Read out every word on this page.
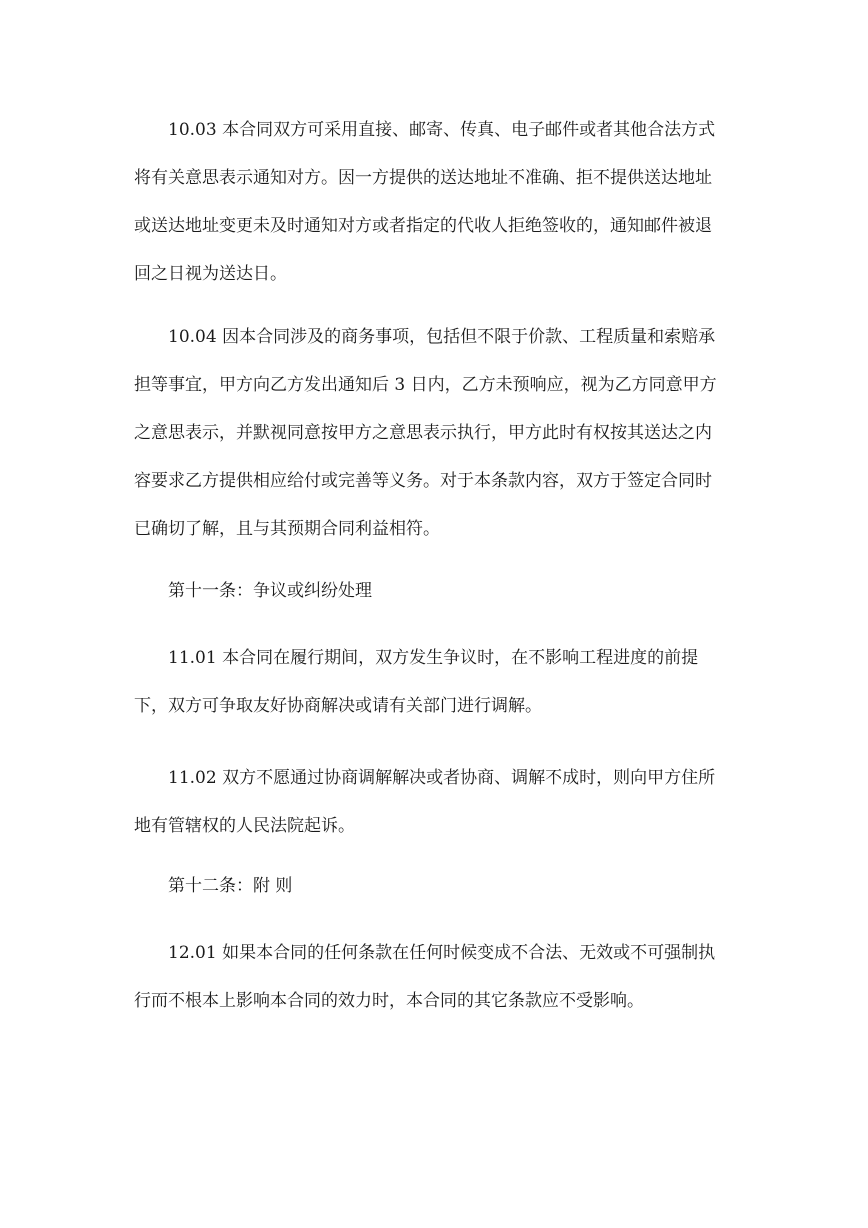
10.03 本合同双方可采用直接、邮寄、传真、电子邮件或者其他合法方式
将有关意思表示通知对方。因一方提供的送达地址不准确、拒不提供送达地址
或送达地址变更未及时通知对方或者指定的代收人拒绝签收的，通知邮件被退
回之日视为送达日。

10.04 因本合同涉及的商务事项，包括但不限于价款、工程质量和索赔承
担等事宜，甲方向乙方发出通知后 3 日内，乙方未预响应，视为乙方同意甲方
之意思表示，并默视同意按甲方之意思表示执行，甲方此时有权按其送达之内
容要求乙方提供相应给付或完善等义务。对于本条款内容，双方于签定合同时
已确切了解，且与其预期合同利益相符。

第十一条：争议或纠纷处理

11.01 本合同在履行期间，双方发生争议时，在不影响工程进度的前提
下，双方可争取友好协商解决或请有关部门进行调解。

11.02 双方不愿通过协商调解解决或者协商、调解不成时，则向甲方住所
地有管辖权的人民法院起诉。

第十二条：附 则

12.01 如果本合同的任何条款在任何时候变成不合法、无效或不可强制执
行而不根本上影响本合同的效力时，本合同的其它条款应不受影响。
